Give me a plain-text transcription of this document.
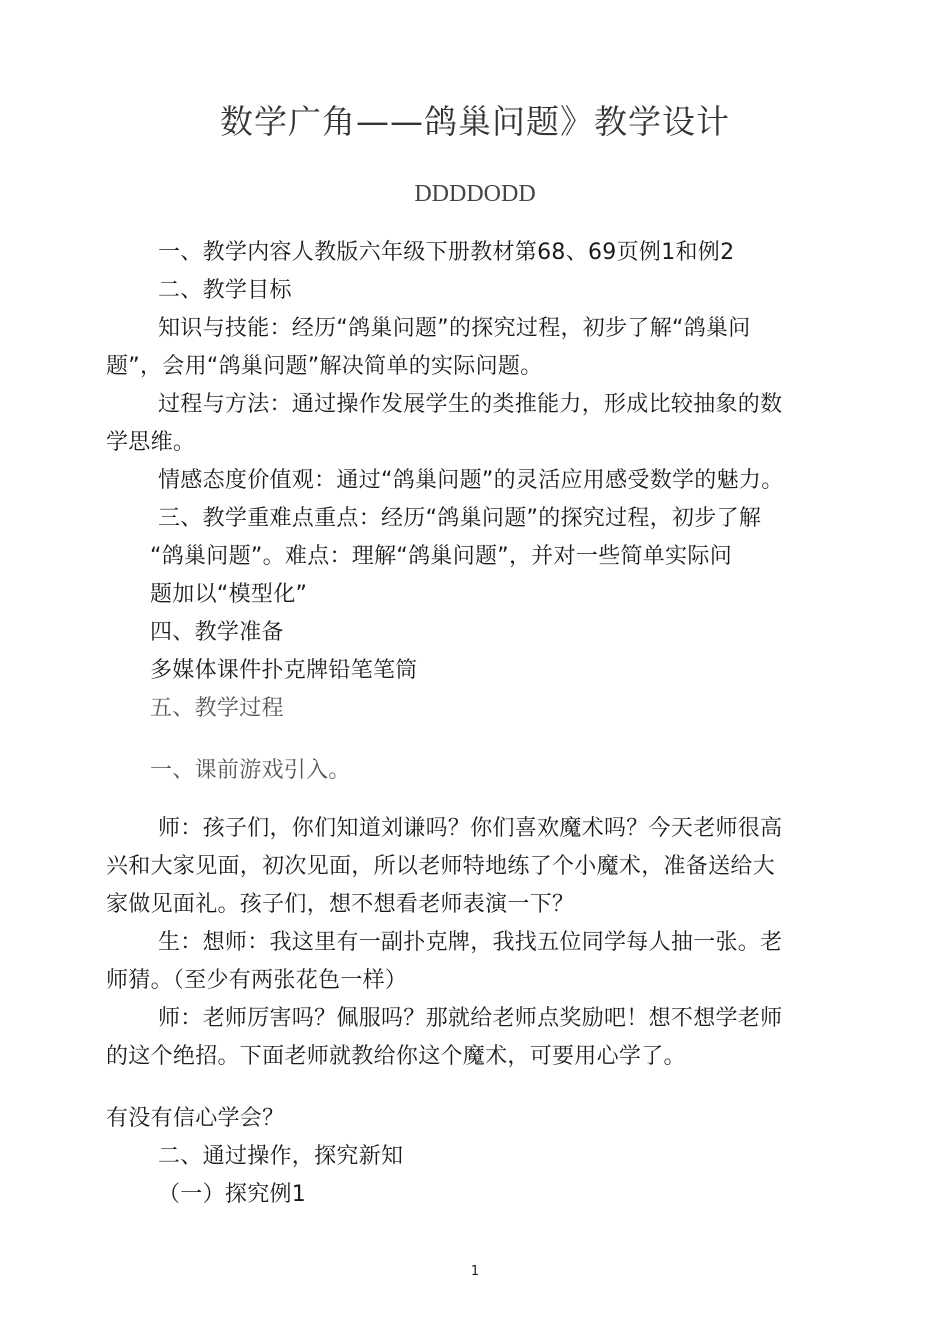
数学广角——鸽巢问题》教学设计
DDDDODD
一、教学内容人教版六年级下册教材第68、69页例1和例2
二、教学目标
知识与技能：经历“鸽巢问题”的探究过程，初步了解“鸽巢问
题”，会用“鸽巢问题”解决简单的实际问题。
过程与方法：通过操作发展学生的类推能力，形成比较抽象的数
学思维。
情感态度价值观：通过“鸽巢问题”的灵活应用感受数学的魅力。
三、教学重难点重点：经历“鸽巢问题”的探究过程，初步了解
“鸽巢问题”。难点：理解“鸽巢问题”，并对一些简单实际问
题加以“模型化”
四、教学准备
多媒体课件扑克牌铅笔笔筒
五、教学过程
一、课前游戏引入。
师：孩子们，你们知道刘谦吗？你们喜欢魔术吗？今天老师很高
兴和大家见面，初次见面，所以老师特地练了个小魔术，准备送给大
家做见面礼。孩子们，想不想看老师表演一下？
生：想师：我这里有一副扑克牌，我找五位同学每人抽一张。老
师猜。（至少有两张花色一样）
师：老师厉害吗？佩服吗？那就给老师点奖励吧！想不想学老师
的这个绝招。下面老师就教给你这个魔术，可要用心学了。
有没有信心学会？
二、通过操作，探究新知
（一）探究例1
1
